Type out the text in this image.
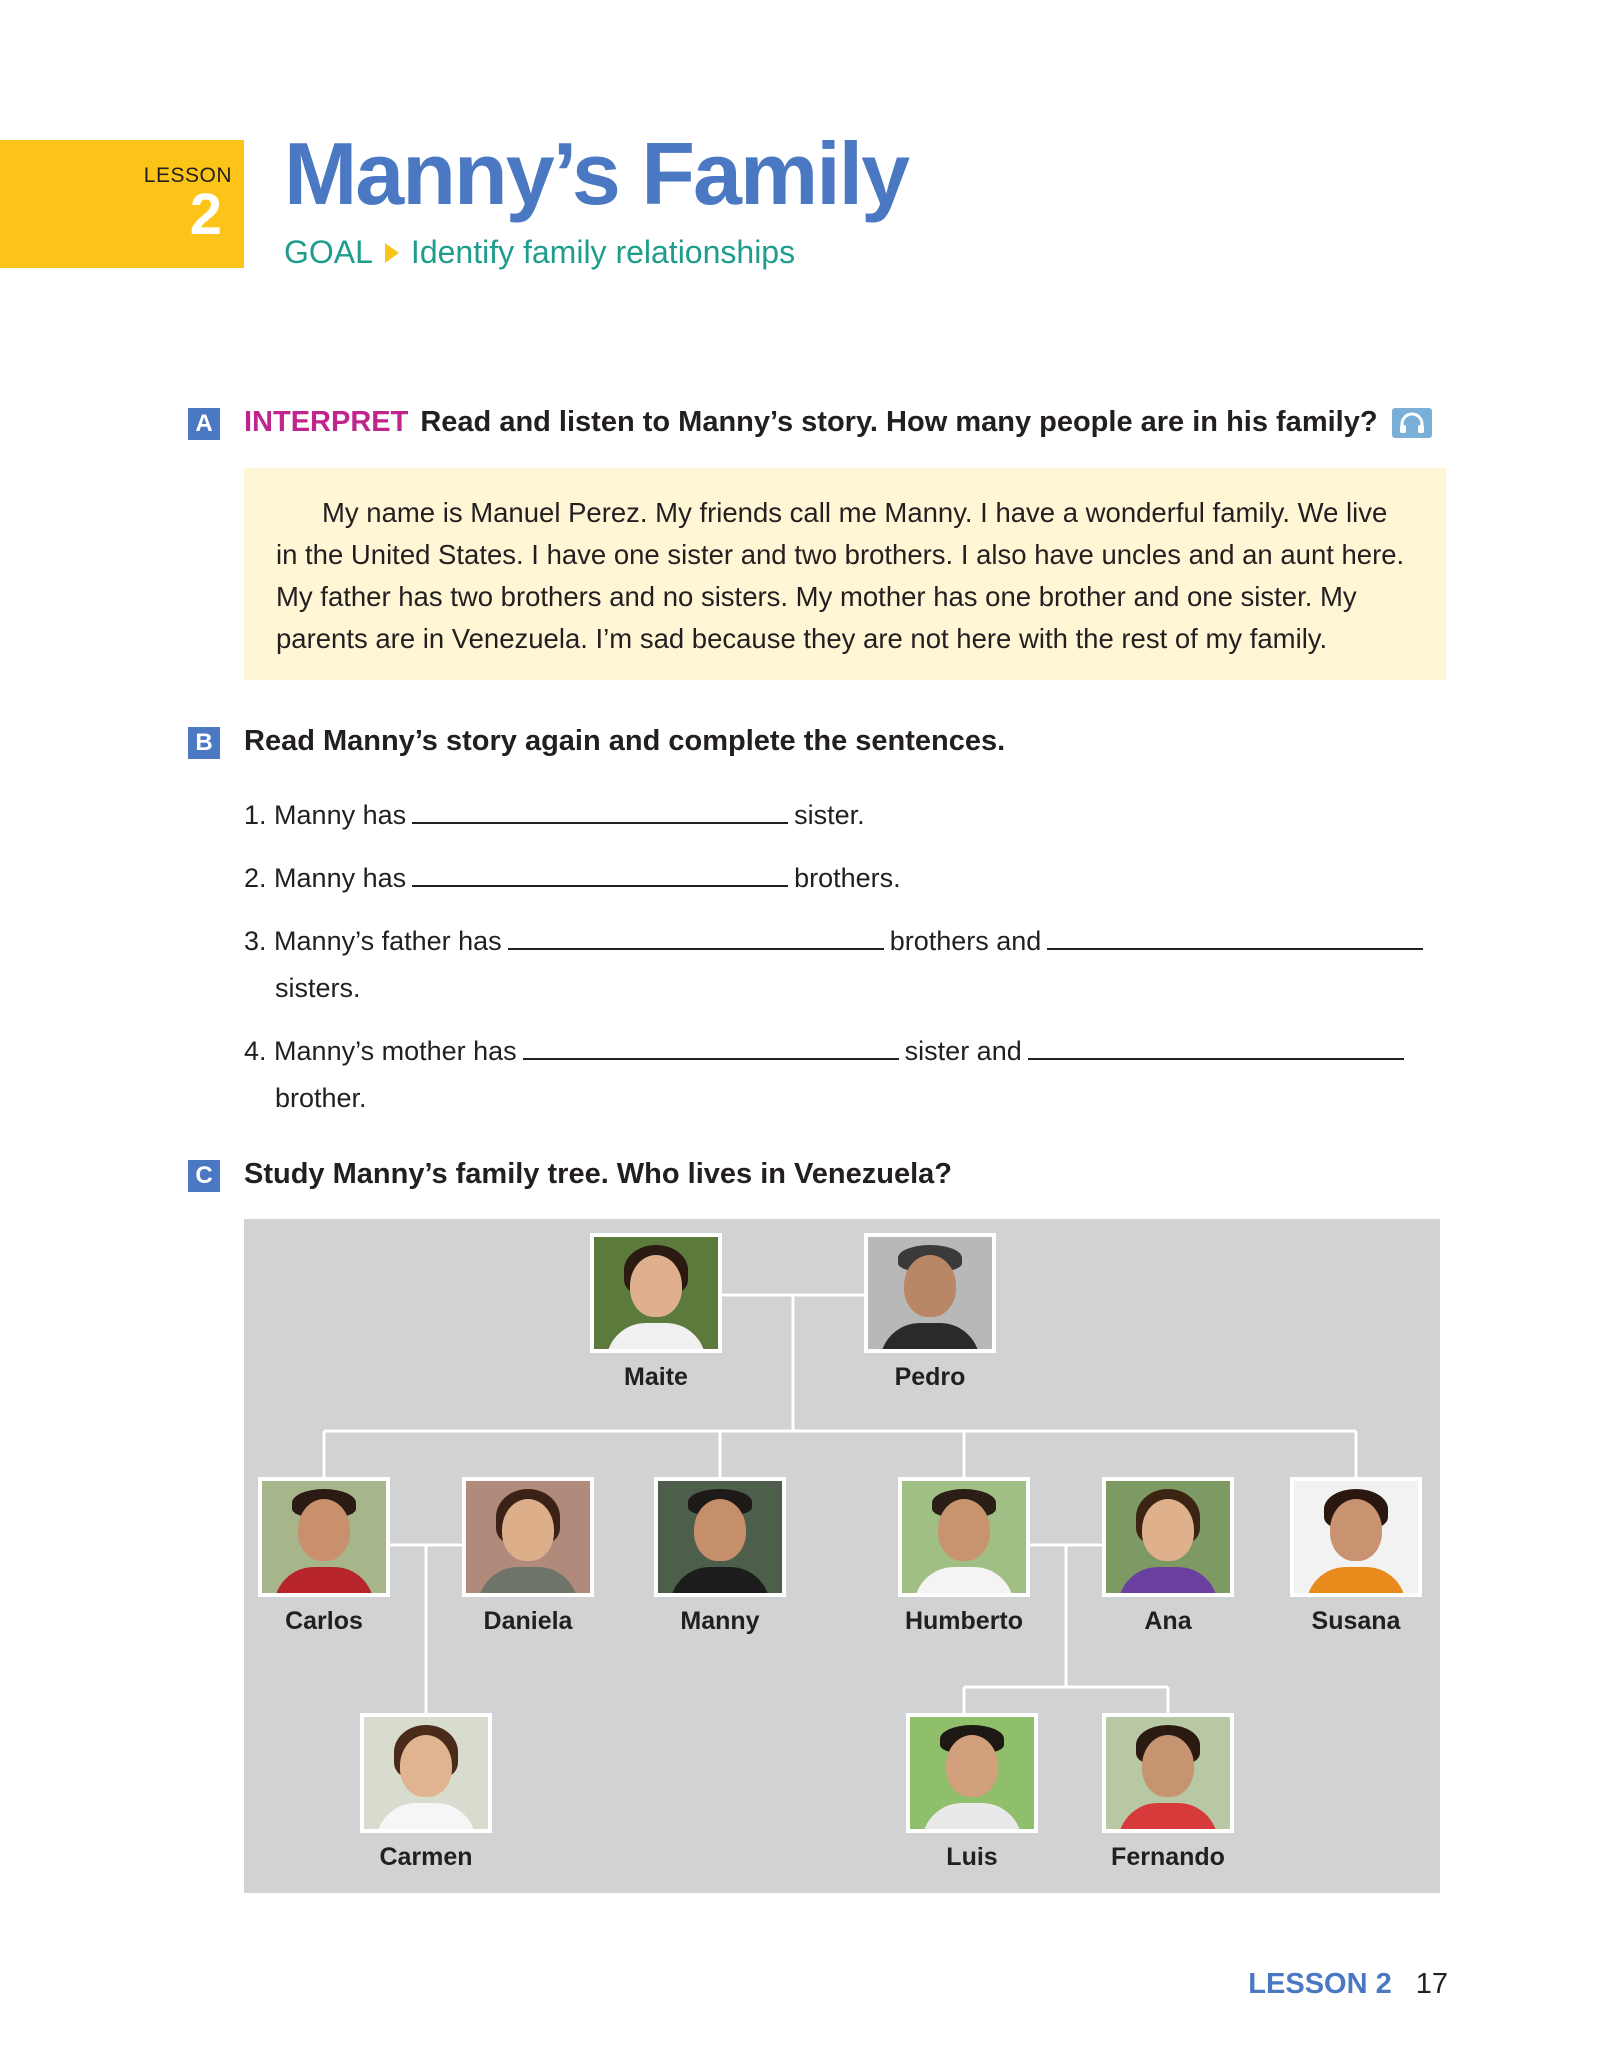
LESSON
2 Manny’s Family
GOAL Identify family relationships
A INTERPRET Read and listen to Manny’s story. How many people are in his family?

My name is Manuel Perez. My friends call me Manny. I have a wonderful family. We live in the United States. I have one sister and two brothers. I also have uncles and an aunt here. My father has two brothers and no sisters. My mother has one brother and one sister. My parents are in Venezuela. I’m sad because they are not here with the rest of my family.

B Read Manny’s story again and complete the sentences.
1. Manny has	sister.
2. Manny has	brothers.
3. Manny’s father has	brothers and
sisters.
4. Manny’s mother has	sister and
brother.
C Study Manny’s family tree. Who lives in Venezuela?
Maite	Pedro
Carlos	Daniela	Manny	Humberto	Ana	Susana
Carmen	Luis	Fernando
LESSON 2 17
